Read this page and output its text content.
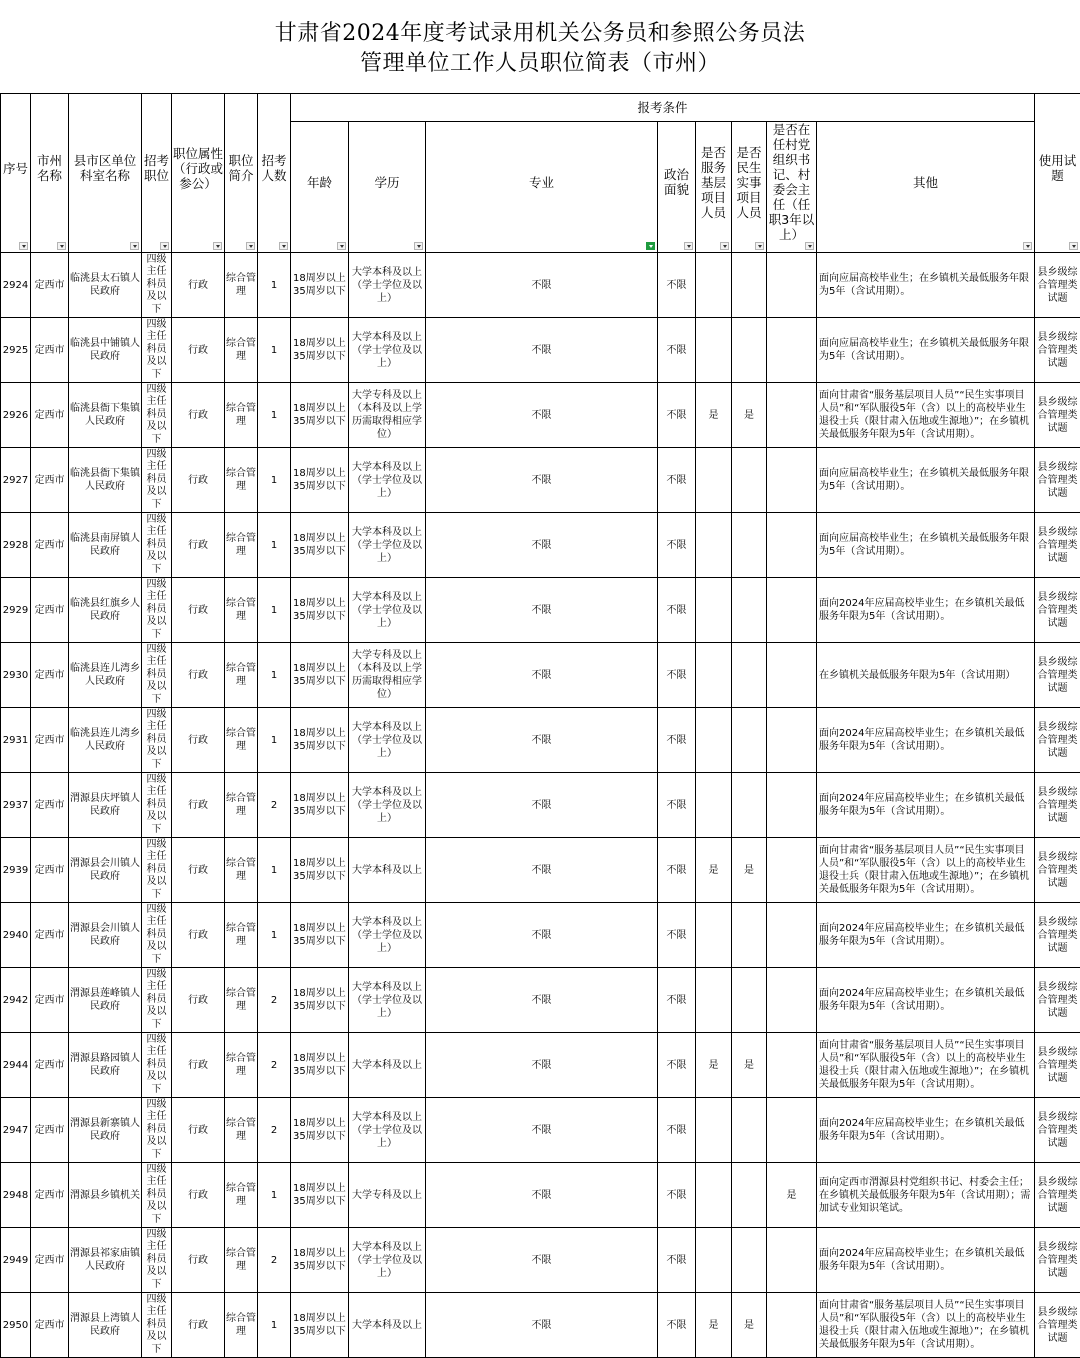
甘肃省2024年度考试录用机关公务员和参照公务员法
管理单位工作人员职位简表（市州）
序号	市州名称	县市区单位科室名称	招考职位	职位属性（行政或参公）	职位简介	招考人数	报考条件								使用试题

							年龄	学历	专业	政治面貌	是否服务基层项目人员	是否民生实事项目人员	是否在任村党组织书记、村委会主任（任职3年以上）	其他	

2924	定西市	临洮县太石镇人民政府	四级主任科员及以下	行政	综合管理	1	18周岁以上35周岁以下	大学本科及以上（学士学位及以上）	不限	不限				面向应届高校毕业生；在乡镇机关最低服务年限为5年（含试用期）。	县乡级综合管理类试题
2925	定西市	临洮县中铺镇人民政府	四级主任科员及以下	行政	综合管理	1	18周岁以上35周岁以下	大学本科及以上（学士学位及以上）	不限	不限				面向应届高校毕业生；在乡镇机关最低服务年限为5年（含试用期）。	县乡级综合管理类试题
2926	定西市	临洮县衙下集镇人民政府	四级主任科员及以下	行政	综合管理	1	18周岁以上35周岁以下	大学专科及以上（本科及以上学历需取得相应学位）	不限	不限	是	是		面向甘肃省“服务基层项目人员”“民生实事项目人员”和“军队服役5年（含）以上的高校毕业生退役士兵（限甘肃入伍地或生源地）”；在乡镇机关最低服务年限为5年（含试用期）。	县乡级综合管理类试题
2927	定西市	临洮县衙下集镇人民政府	四级主任科员及以下	行政	综合管理	1	18周岁以上35周岁以下	大学本科及以上（学士学位及以上）	不限	不限				面向应届高校毕业生；在乡镇机关最低服务年限为5年（含试用期）。	县乡级综合管理类试题
2928	定西市	临洮县南屏镇人民政府	四级主任科员及以下	行政	综合管理	1	18周岁以上35周岁以下	大学本科及以上（学士学位及以上）	不限	不限				面向应届高校毕业生；在乡镇机关最低服务年限为5年（含试用期）。	县乡级综合管理类试题
2929	定西市	临洮县红旗乡人民政府	四级主任科员及以下	行政	综合管理	1	18周岁以上35周岁以下	大学本科及以上（学士学位及以上）	不限	不限				面向2024年应届高校毕业生；在乡镇机关最低服务年限为5年（含试用期）。	县乡级综合管理类试题
2930	定西市	临洮县连儿湾乡人民政府	四级主任科员及以下	行政	综合管理	1	18周岁以上35周岁以下	大学专科及以上（本科及以上学历需取得相应学位）	不限	不限				在乡镇机关最低服务年限为5年（含试用期）	县乡级综合管理类试题
2931	定西市	临洮县连儿湾乡人民政府	四级主任科员及以下	行政	综合管理	1	18周岁以上35周岁以下	大学本科及以上（学士学位及以上）	不限	不限				面向2024年应届高校毕业生；在乡镇机关最低服务年限为5年（含试用期）。	县乡级综合管理类试题
2937	定西市	渭源县庆坪镇人民政府	四级主任科员及以下	行政	综合管理	2	18周岁以上35周岁以下	大学本科及以上（学士学位及以上）	不限	不限				面向2024年应届高校毕业生；在乡镇机关最低服务年限为5年（含试用期）。	县乡级综合管理类试题
2939	定西市	渭源县会川镇人民政府	四级主任科员及以下	行政	综合管理	1	18周岁以上35周岁以下	大学本科及以上	不限	不限	是	是		面向甘肃省“服务基层项目人员”“民生实事项目人员”和“军队服役5年（含）以上的高校毕业生退役士兵（限甘肃入伍地或生源地）”；在乡镇机关最低服务年限为5年（含试用期）。	县乡级综合管理类试题
2940	定西市	渭源县会川镇人民政府	四级主任科员及以下	行政	综合管理	1	18周岁以上35周岁以下	大学本科及以上（学士学位及以上）	不限	不限				面向2024年应届高校毕业生；在乡镇机关最低服务年限为5年（含试用期）。	县乡级综合管理类试题
2942	定西市	渭源县莲峰镇人民政府	四级主任科员及以下	行政	综合管理	2	18周岁以上35周岁以下	大学本科及以上（学士学位及以上）	不限	不限				面向2024年应届高校毕业生；在乡镇机关最低服务年限为5年（含试用期）。	县乡级综合管理类试题
2944	定西市	渭源县路园镇人民政府	四级主任科员及以下	行政	综合管理	2	18周岁以上35周岁以下	大学本科及以上	不限	不限	是	是		面向甘肃省“服务基层项目人员”“民生实事项目人员”和“军队服役5年（含）以上的高校毕业生退役士兵（限甘肃入伍地或生源地）”；在乡镇机关最低服务年限为5年（含试用期）。	县乡级综合管理类试题
2947	定西市	渭源县新寨镇人民政府	四级主任科员及以下	行政	综合管理	2	18周岁以上35周岁以下	大学本科及以上（学士学位及以上）	不限	不限				面向2024年应届高校毕业生；在乡镇机关最低服务年限为5年（含试用期）。	县乡级综合管理类试题
2948	定西市	渭源县乡镇机关	四级主任科员及以下	行政	综合管理	1	18周岁以上35周岁以下	大学专科及以上	不限	不限			是	面向定西市渭源县村党组织书记、村委会主任；在乡镇机关最低服务年限为5年（含试用期）；需加试专业知识笔试。	县乡级综合管理类试题
2949	定西市	渭源县祁家庙镇人民政府	四级主任科员及以下	行政	综合管理	2	18周岁以上35周岁以下	大学本科及以上（学士学位及以上）	不限	不限				面向2024年应届高校毕业生；在乡镇机关最低服务年限为5年（含试用期）。	县乡级综合管理类试题
2950	定西市	渭源县上湾镇人民政府	四级主任科员及以下	行政	综合管理	1	18周岁以上35周岁以下	大学本科及以上	不限	不限	是	是		面向甘肃省“服务基层项目人员”“民生实事项目人员”和“军队服役5年（含）以上的高校毕业生退役士兵（限甘肃入伍地或生源地）”；在乡镇机关最低服务年限为5年（含试用期）。	县乡级综合管理类试题
